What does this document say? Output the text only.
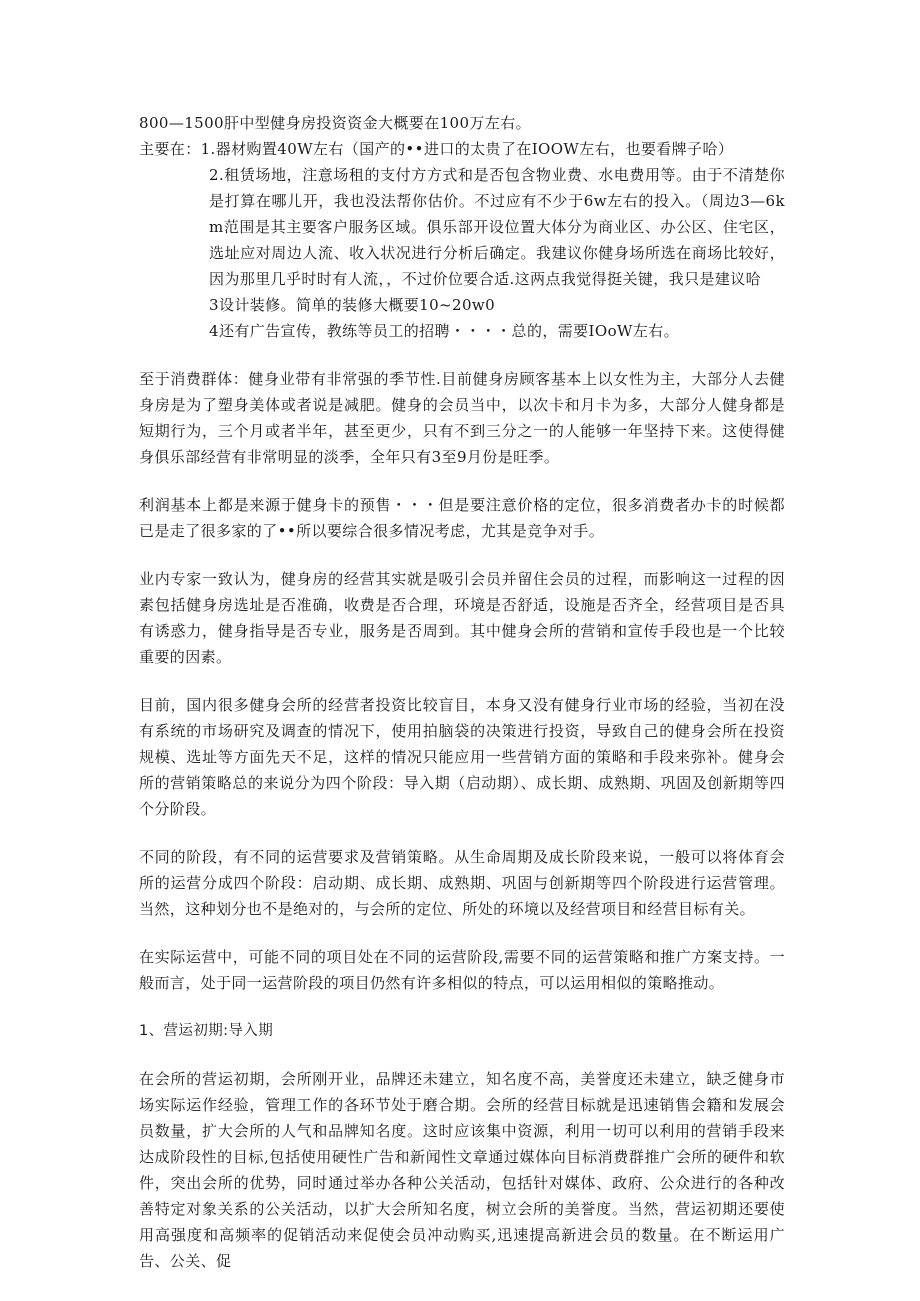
800—1500肝中型健身房投资资金大概要在100万左右。

主要在：1.器材购置40W左右（国产的••进口的太贵了在IOOW左右，也要看牌子哈）

2.租赁场地，注意场租的支付方方式和是否包含物业费、水电费用等。由于不清楚你是打算在哪儿开，我也没法帮你估价。不过应有不少于6w左右的投入。（周边3—6km范围是其主要客户服务区域。俱乐部开设位置大体分为商业区、办公区、住宅区，选址应对周边人流、收入状况进行分析后确定。我建议你健身场所选在商场比较好，因为那里几乎时时有人流，，不过价位要合适.这两点我觉得挺关键，我只是建议哈

3设计装修。简单的装修大概要10~20w0

4还有广告宣传，教练等员工的招聘・・・・总的，需要IOoW左右。

至于消费群体：健身业带有非常强的季节性.目前健身房顾客基本上以女性为主，大部分人去健身房是为了塑身美体或者说是减肥。健身的会员当中，以次卡和月卡为多，大部分人健身都是短期行为，三个月或者半年，甚至更少，只有不到三分之一的人能够一年坚持下来。这使得健身俱乐部经营有非常明显的淡季，全年只有3至9月份是旺季。

利润基本上都是来源于健身卡的预售・・・但是要注意价格的定位，很多消费者办卡的时候都已是走了很多家的了••所以要综合很多情况考虑，尤其是竞争对手。

业内专家一致认为，健身房的经营其实就是吸引会员并留住会员的过程，而影响这一过程的因素包括健身房选址是否准确，收费是否合理，环境是否舒适，设施是否齐全，经营项目是否具有诱惑力，健身指导是否专业，服务是否周到。其中健身会所的营销和宣传手段也是一个比较重要的因素。

目前，国内很多健身会所的经营者投资比较盲目，本身又没有健身行业市场的经验，当初在没有系统的市场研究及调查的情况下，使用拍脑袋的决策进行投资，导致自己的健身会所在投资规模、选址等方面先天不足，这样的情况只能应用一些营销方面的策略和手段来弥补。健身会所的营销策略总的来说分为四个阶段：导入期（启动期）、成长期、成熟期、巩固及创新期等四个分阶段。

不同的阶段，有不同的运营要求及营销策略。从生命周期及成长阶段来说，一般可以将体育会所的运营分成四个阶段：启动期、成长期、成熟期、巩固与创新期等四个阶段进行运营管理。当然，这种划分也不是绝对的，与会所的定位、所处的环境以及经营项目和经营目标有关。

在实际运营中，可能不同的项目处在不同的运营阶段,需要不同的运营策略和推广方案支持。一般而言，处于同一运营阶段的项目仍然有许多相似的特点，可以运用相似的策略推动。

1、营运初期:导入期

在会所的营运初期，会所刚开业，品牌还未建立，知名度不高，美誉度还未建立，缺乏健身市场实际运作经验，管理工作的各环节处于磨合期。会所的经营目标就是迅速销售会籍和发展会员数量，扩大会所的人气和品牌知名度。这时应该集中资源，利用一切可以利用的营销手段来达成阶段性的目标,包括使用硬性广告和新闻性文章通过媒体向目标消费群推广会所的硬件和软件，突出会所的优势，同时通过举办各种公关活动，包括针对媒体、政府、公众进行的各种改善特定对象关系的公关活动，以扩大会所知名度，树立会所的美誉度。当然，营运初期还要使用高强度和高频率的促销活动来促使会员冲动购买,迅速提高新进会员的数量。在不断运用广告、公关、促
